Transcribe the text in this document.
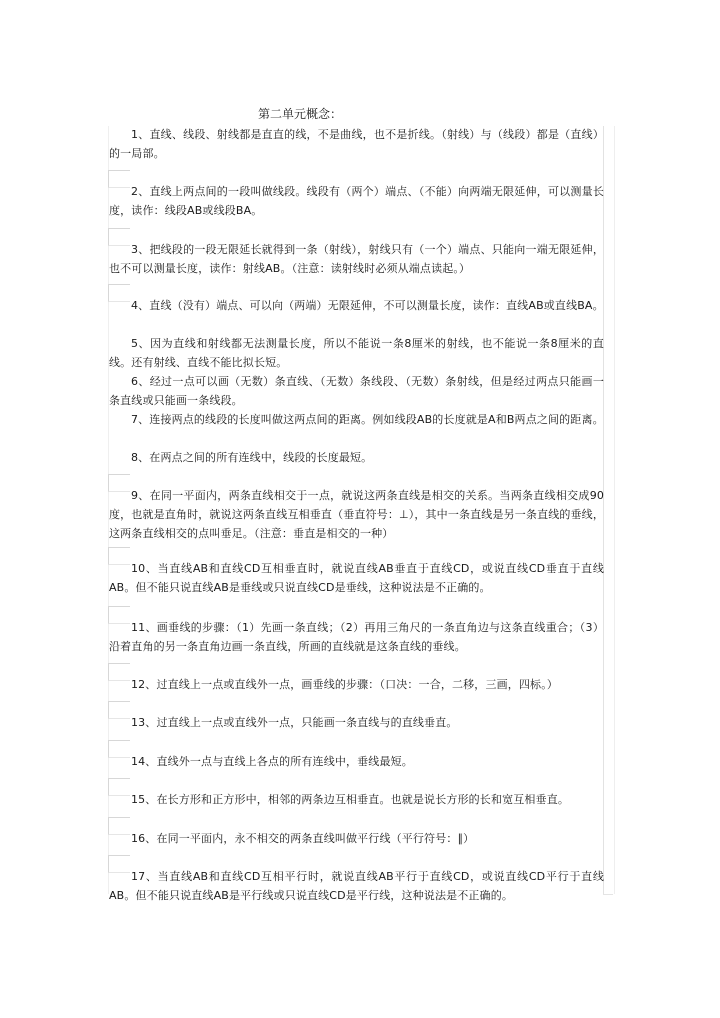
第二单元概念：
1、直线、线段、射线都是直直的线，不是曲线，也不是折线。（射线）与（线段）都是（直线）的一局部。
2、直线上两点间的一段叫做线段。线段有（两个）端点、（不能）向两端无限延伸，可以测量长度，读作：线段AB或线段BA。
3、把线段的一段无限延长就得到一条（射线），射线只有（一个）端点、只能向一端无限延伸，也不可以测量长度，读作：射线AB。（注意：读射线时必须从端点读起。）
4、直线（没有）端点、可以向（两端）无限延伸，不可以测量长度，读作：直线AB或直线BA。
5、因为直线和射线都无法测量长度，所以不能说一条8厘米的射线，也不能说一条8厘米的直线。还有射线、直线不能比拟长短。
6、经过一点可以画（无数）条直线、（无数）条线段、（无数）条射线，但是经过两点只能画一条直线或只能画一条线段。
7、连接两点的线段的长度叫做这两点间的距离。例如线段AB的长度就是A和B两点之间的距离。
8、在两点之间的所有连线中，线段的长度最短。
9、在同一平面内，两条直线相交于一点，就说这两条直线是相交的关系。当两条直线相交成90度，也就是直角时，就说这两条直线互相垂直（垂直符号：⊥），其中一条直线是另一条直线的垂线，这两条直线相交的点叫垂足。（注意：垂直是相交的一种）
10、当直线AB和直线CD互相垂直时，就说直线AB垂直于直线CD，或说直线CD垂直于直线AB。但不能只说直线AB是垂线或只说直线CD是垂线，这种说法是不正确的。
11、画垂线的步骤：（1）先画一条直线；（2）再用三角尺的一条直角边与这条直线重合；（3）沿着直角的另一条直角边画一条直线，所画的直线就是这条直线的垂线。
12、过直线上一点或直线外一点，画垂线的步骤：（口决：一合，二移，三画，四标。）
13、过直线上一点或直线外一点，只能画一条直线与的直线垂直。
14、直线外一点与直线上各点的所有连线中，垂线最短。
15、在长方形和正方形中，相邻的两条边互相垂直。也就是说长方形的长和宽互相垂直。
16、在同一平面内，永不相交的两条直线叫做平行线（平行符号：∥）
17、当直线AB和直线CD互相平行时，就说直线AB平行于直线CD，或说直线CD平行于直线AB。但不能只说直线AB是平行线或只说直线CD是平行线，这种说法是不正确的。
